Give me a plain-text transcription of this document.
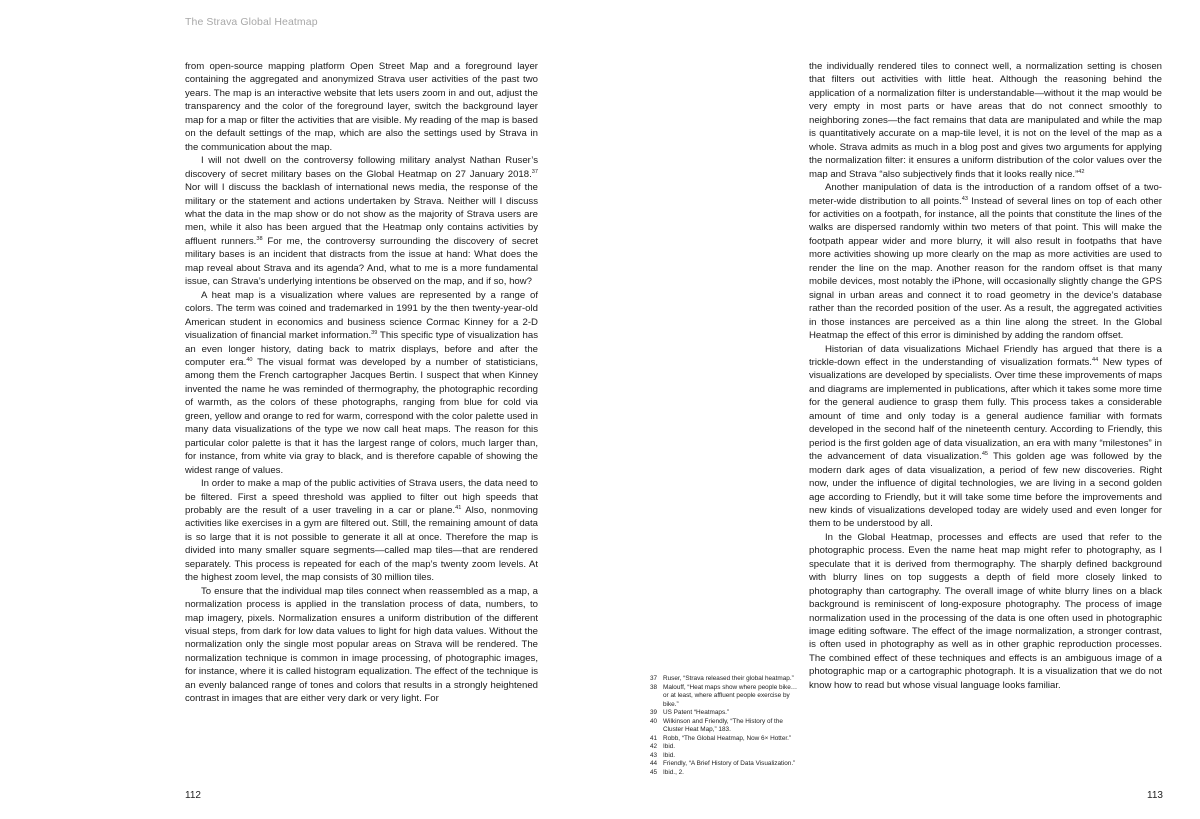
The Strava Global Heatmap

from open-source mapping platform Open Street Map and a foreground layer containing the aggregated and anonymized Strava user activities of the past two years. The map is an interactive website that lets users zoom in and out, adjust the transparency and the color of the foreground layer, switch the background layer map for a map or filter the activities that are visible. My reading of the map is based on the default settings of the map, which are also the settings used by Strava in the communication about the map.

I will not dwell on the controversy following military analyst Nathan Ruser’s discovery of secret military bases on the Global Heatmap on 27 January 2018.37 Nor will I discuss the backlash of international news media, the response of the military or the statement and actions undertaken by Strava. Neither will I discuss what the data in the map show or do not show as the majority of Strava users are men, while it also has been argued that the Heatmap only contains activities by affluent runners.$^{38}$ For me, the controversy surrounding the discovery of secret military bases is an incident that distracts from the issue at hand: What does the map reveal about Strava and its agenda? And, what to me is a more fundamental issue, can Strava’s underlying intentions be observed on the map, and if so, how?

A heat map is a visualization where values are represented by a range of colors. The term was coined and trademarked in 1991 by the then twenty-year-old American student in economics and business science Cormac Kinney for a 2-D visualization of financial market information.$^{39}$ This specific type of visualization has an even longer history, dating back to matrix displays, before and after the computer era.$^{40}$ The visual format was developed by a number of statisticians, among them the French cartographer Jacques Bertin. I suspect that when Kinney invented the name he was reminded of thermography, the photographic recording of warmth, as the colors of these photographs, ranging from blue for cold via green, yellow and orange to red for warm, correspond with the color palette used in many data visualizations of the type we now call heat maps. The reason for this particular color palette is that it has the largest range of colors, much larger than, for instance, from white via gray to black, and is therefore capable of showing the widest range of values.

In order to make a map of the public activities of Strava users, the data need to be filtered. First a speed threshold was applied to filter out high speeds that probably are the result of a user traveling in a car or plane.$^{41}$ Also, nonmoving activities like exercises in a gym are filtered out. Still, the remaining amount of data is so large that it is not possible to generate it all at once. Therefore the map is divided into many smaller square segments—called map tiles—that are rendered separately. This process is repeated for each of the map’s twenty zoom levels. At the highest zoom level, the map consists of 30 million tiles.

To ensure that the individual map tiles connect when reassembled as a map, a normalization process is applied in the translation process of data, numbers, to map imagery, pixels. Normalization ensures a uniform distribution of the different visual steps, from dark for low data values to light for high data values. Without the normalization only the single most popular areas on Strava will be rendered. The normalization technique is common in image processing, of photographic images, for instance, where it is called histogram equalization. The effect of the technique is an evenly balanced range of tones and colors that results in a strongly heightened contrast in images that are either very dark or very light. For

the individually rendered tiles to connect well, a normalization setting is chosen that filters out activities with little heat. Although the reasoning behind the application of a normalization filter is understandable—without it the map would be very empty in most parts or have areas that do not connect smoothly to neighboring zones—the fact remains that data are manipulated and while the map is quantitatively accurate on a map-tile level, it is not on the level of the map as a whole. Strava admits as much in a blog post and gives two arguments for applying the normalization filter: it ensures a uniform distribution of the color values over the map and Strava “also subjectively finds that it looks really nice.”$^{42}$

Another manipulation of data is the introduction of a random offset of a two-meter-wide distribution to all points.$^{43}$ Instead of several lines on top of each other for activities on a footpath, for instance, all the points that constitute the lines of the walks are dispersed randomly within two meters of that point. This will make the footpath appear wider and more blurry, it will also result in footpaths that have more activities showing up more clearly on the map as more activities are used to render the line on the map. Another reason for the random offset is that many mobile devices, most notably the iPhone, will occasionally slightly change the GPS signal in urban areas and connect it to road geometry in the device’s database rather than the recorded position of the user. As a result, the aggregated activities in those instances are perceived as a thin line along the street. In the Global Heatmap the effect of this error is diminished by adding the random offset.

Historian of data visualizations Michael Friendly has argued that there is a trickle-down effect in the understanding of visualization formats.$^{44}$ New types of visualizations are developed by specialists. Over time these improvements of maps and diagrams are implemented in publications, after which it takes some more time for the general audience to grasp them fully. This process takes a considerable amount of time and only today is a general audience familiar with formats developed in the second half of the nineteenth century. According to Friendly, this period is the first golden age of data visualization, an era with many “milestones” in the advancement of data visualization.$^{45}$ This golden age was followed by the modern dark ages of data visualization, a period of few new discoveries. Right now, under the influence of digital technologies, we are living in a second golden age according to Friendly, but it will take some time before the improvements and new kinds of visualizations developed today are widely used and even longer for them to be understood by all.

In the Global Heatmap, processes and effects are used that refer to the photographic process. Even the name heat map might refer to photography, as I speculate that it is derived from thermography. The sharply defined background with blurry lines on top suggests a depth of field more closely linked to photography than cartography. The overall image of white blurry lines on a black background is reminiscent of long-exposure photography. The process of image normalization used in the processing of the data is one often used in photographic image editing software. The effect of the image normalization, a stronger contrast, is often used in photography as well as in other graphic reproduction processes. The combined effect of these techniques and effects is an ambiguous image of a photographic map or a cartographic photograph. It is a visualization that we do not know how to read but whose visual language looks familiar.

37 Ruser, “Strava released their global heatmap.”
38 Malouff, “Heat maps show where people bike… or at least, where affluent people exercise by bike.”
39 US Patent “Heatmaps.”
40 Wilkinson and Friendly, “The History of the Cluster Heat Map,” 183.
41 Robb, “The Global Heatmap, Now 6× Hotter.”
42 Ibid.
43 Ibid.
44 Friendly, “A Brief History of Data Visualization.”
45 Ibid., 2.
112	113
